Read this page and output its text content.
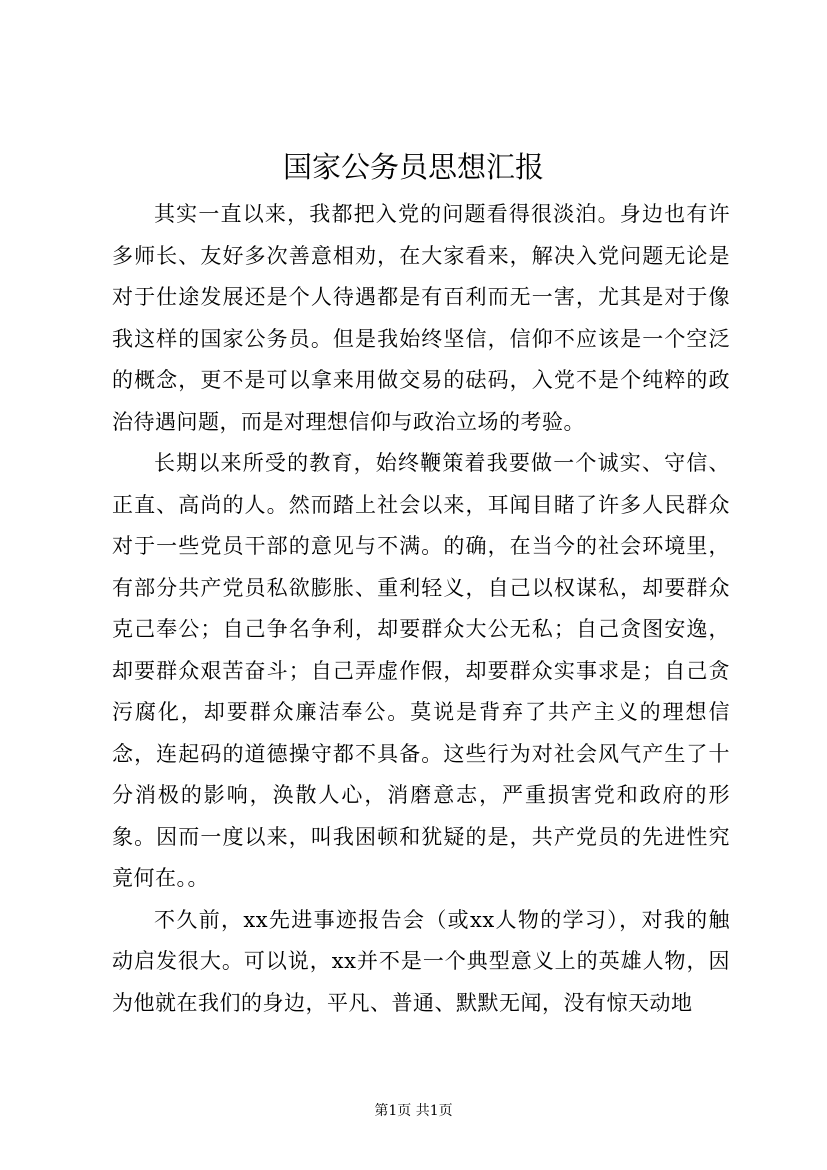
国家公务员思想汇报

其实一直以来，我都把入党的问题看得很淡泊。身边也有许多师长、友好多次善意相劝，在大家看来，解决入党问题无论是对于仕途发展还是个人待遇都是有百利而无一害，尤其是对于像我这样的国家公务员。但是我始终坚信，信仰不应该是一个空泛的概念，更不是可以拿来用做交易的砝码，入党不是个纯粹的政治待遇问题，而是对理想信仰与政治立场的考验。

长期以来所受的教育，始终鞭策着我要做一个诚实、守信、正直、高尚的人。然而踏上社会以来，耳闻目睹了许多人民群众对于一些党员干部的意见与不满。的确，在当今的社会环境里，有部分共产党员私欲膨胀、重利轻义，自己以权谋私，却要群众克己奉公；自己争名争利，却要群众大公无私；自己贪图安逸，却要群众艰苦奋斗；自己弄虚作假，却要群众实事求是；自己贪污腐化，却要群众廉洁奉公。莫说是背弃了共产主义的理想信念，连起码的道德操守都不具备。这些行为对社会风气产生了十分消极的影响，涣散人心，消磨意志，严重损害党和政府的形象。因而一度以来，叫我困顿和犹疑的是，共产党员的先进性究竟何在。。

不久前，xx先进事迹报告会（或xx人物的学习），对我的触动启发很大。可以说，xx并不是一个典型意义上的英雄人物，因为他就在我们的身边，平凡、普通、默默无闻，没有惊天动地

第1页 共1页
